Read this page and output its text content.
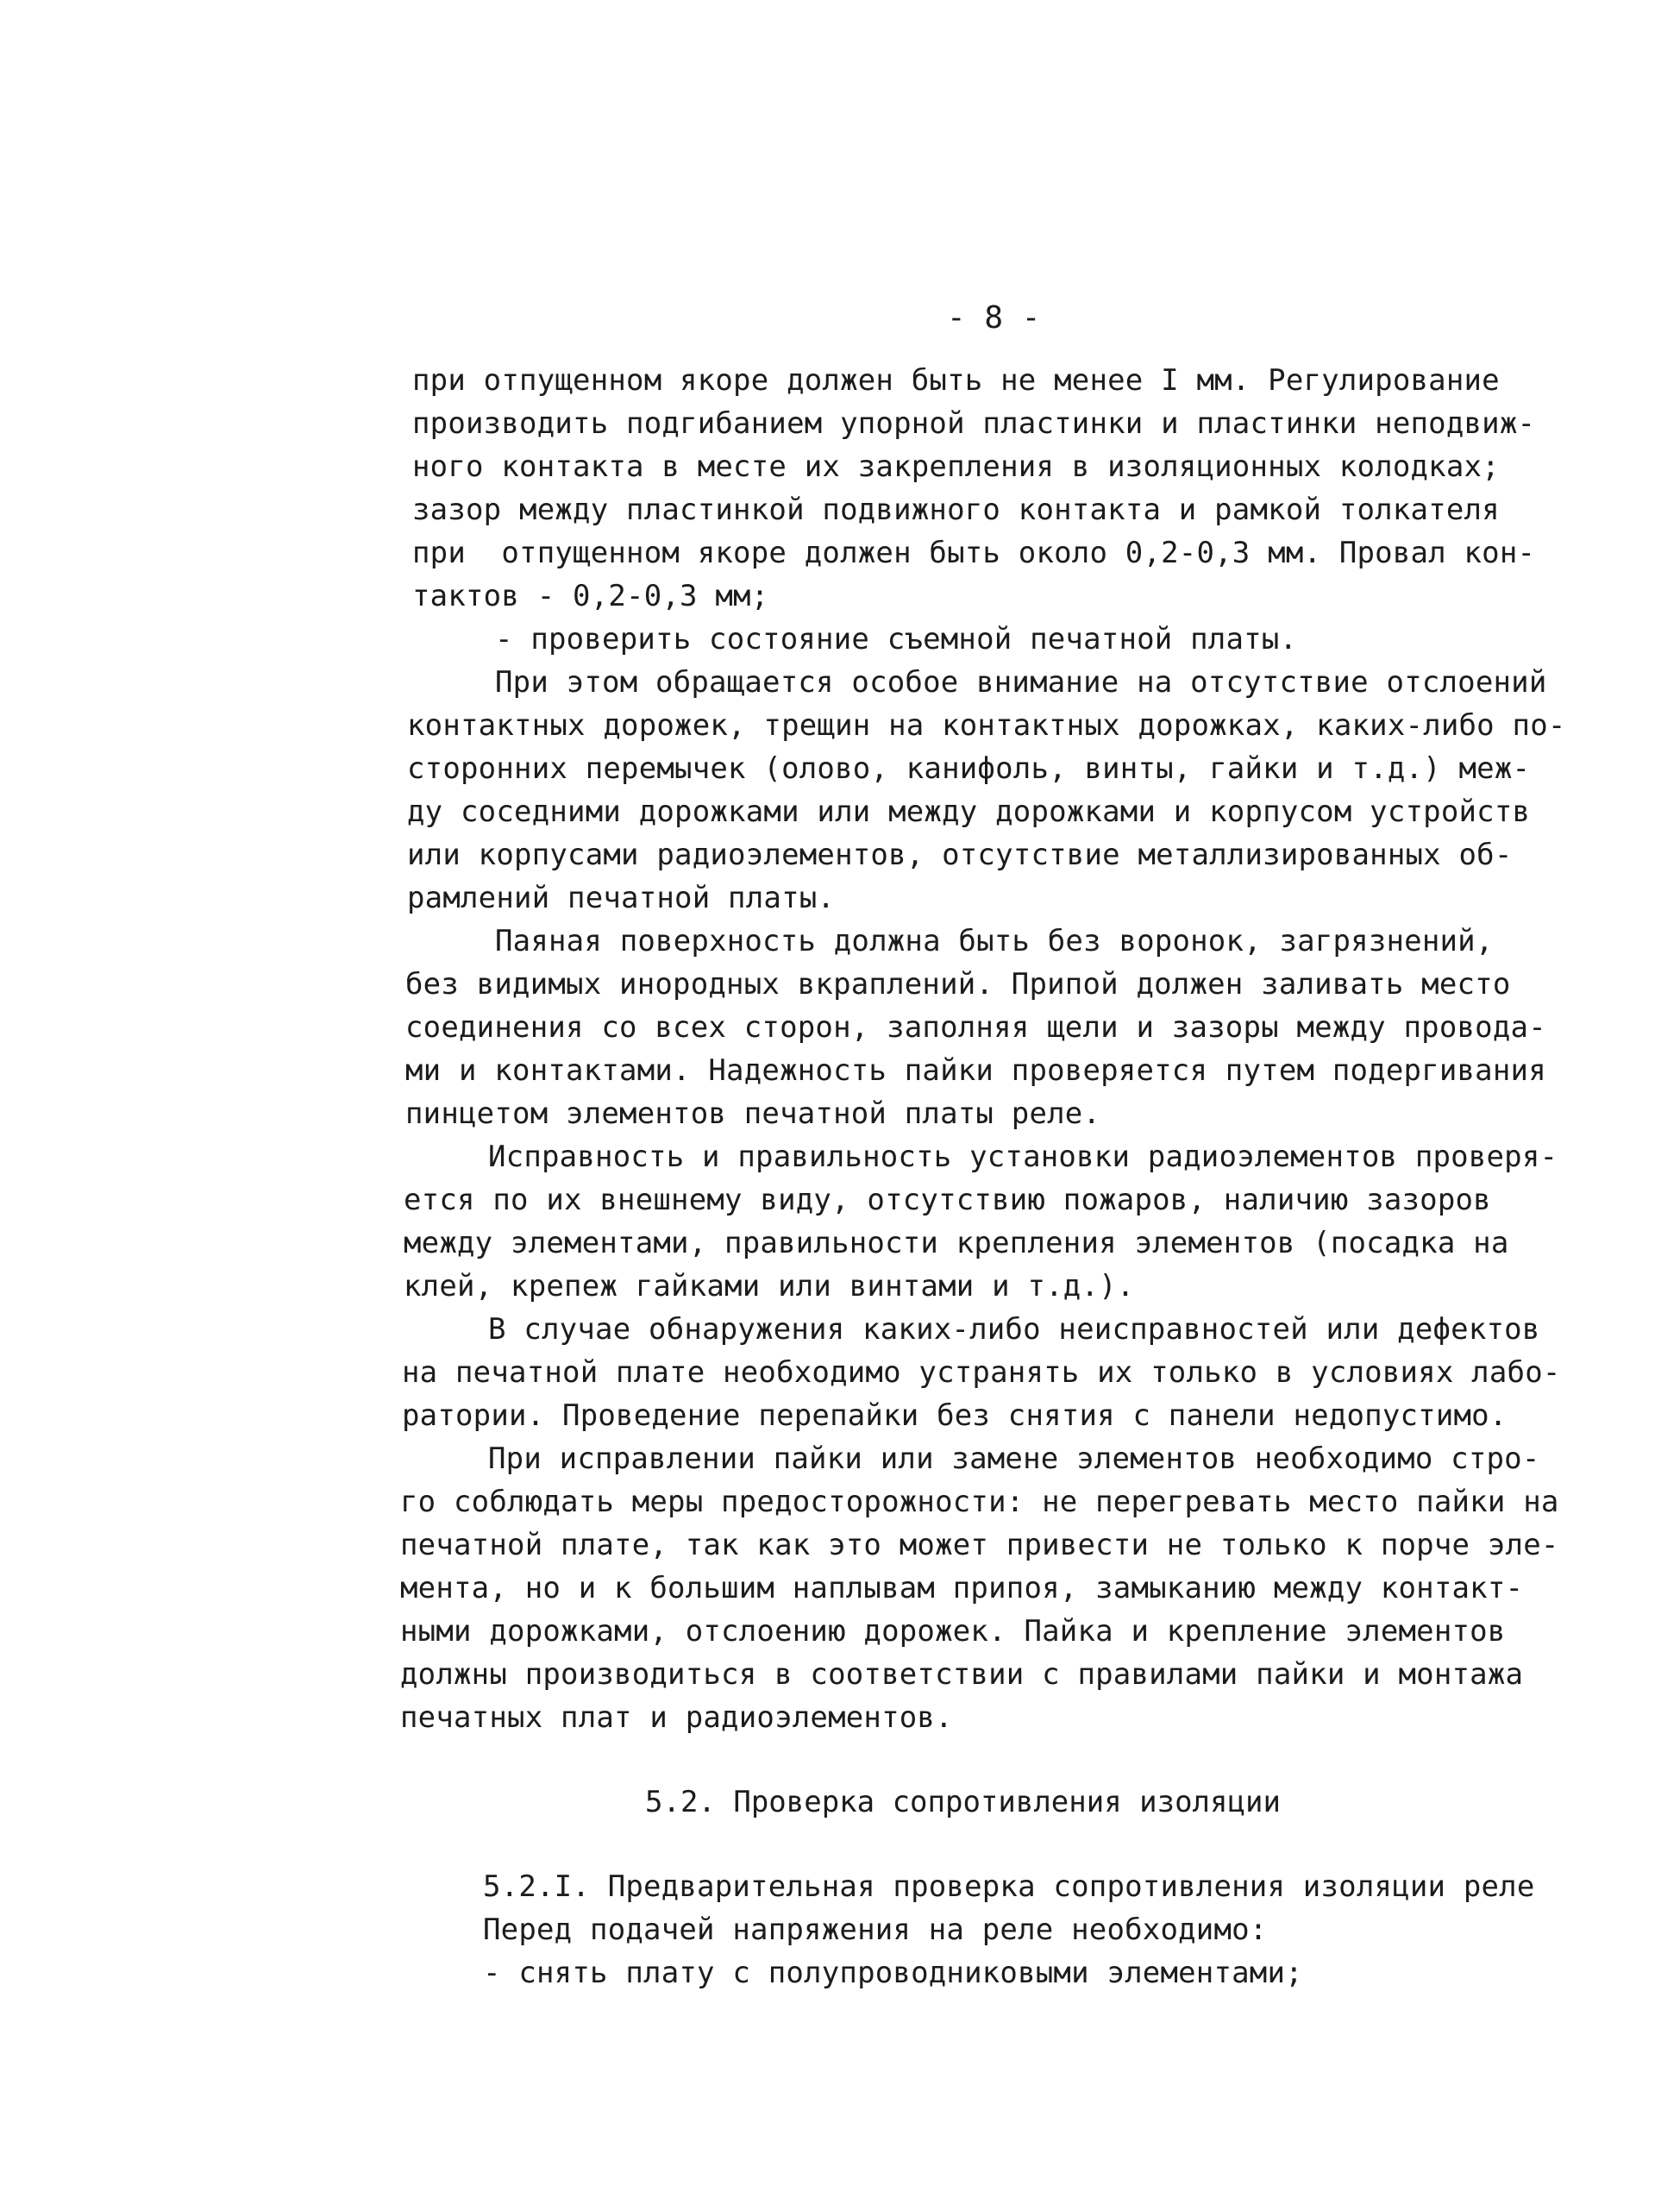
- 8 -
при отпущенном якоре должен быть не менее I мм. Регулирование
производить подгибанием упорной пластинки и пластинки неподвиж-
ного контакта в месте их закрепления в изоляционных колодках;
зазор между пластинкой подвижного контакта и рамкой толкателя
при  отпущенном якоре должен быть около 0,2-0,3 мм. Провал кон-
тактов - 0,2-0,3 мм;
- проверить состояние съемной печатной платы.
При этом обращается особое внимание на отсутствие отслоений
контактных дорожек, трещин на контактных дорожках, каких-либо по-
сторонних перемычек (олово, канифоль, винты, гайки и т.д.) меж-
ду соседними дорожками или между дорожками и корпусом устройств
или корпусами радиоэлементов, отсутствие металлизированных об-
рамлений печатной платы.
Паяная поверхность должна быть без воронок, загрязнений,
без видимых инородных вкраплений. Припой должен заливать место
соединения со всех сторон, заполняя щели и зазоры между провода-
ми и контактами. Надежность пайки проверяется путем подергивания
пинцетом элементов печатной платы реле.
Исправность и правильность установки радиоэлементов проверя-
ется по их внешнему виду, отсутствию пожаров, наличию зазоров
между элементами, правильности крепления элементов (посадка на
клей, крепеж гайками или винтами и т.д.).
В случае обнаружения каких-либо неисправностей или дефектов
на печатной плате необходимо устранять их только в условиях лабо-
ратории. Проведение перепайки без снятия с панели недопустимо.
При исправлении пайки или замене элементов необходимо стро-
го соблюдать меры предосторожности: не перегревать место пайки на
печатной плате, так как это может привести не только к порче эле-
мента, но и к большим наплывам припоя, замыканию между контакт-
ными дорожками, отслоению дорожек. Пайка и крепление элементов
должны производиться в соответствии с правилами пайки и монтажа
печатных плат и радиоэлементов.
5.2. Проверка сопротивления изоляции
5.2.I. Предварительная проверка сопротивления изоляции реле
Перед подачей напряжения на реле необходимо:
- снять плату с полупроводниковыми элементами;
